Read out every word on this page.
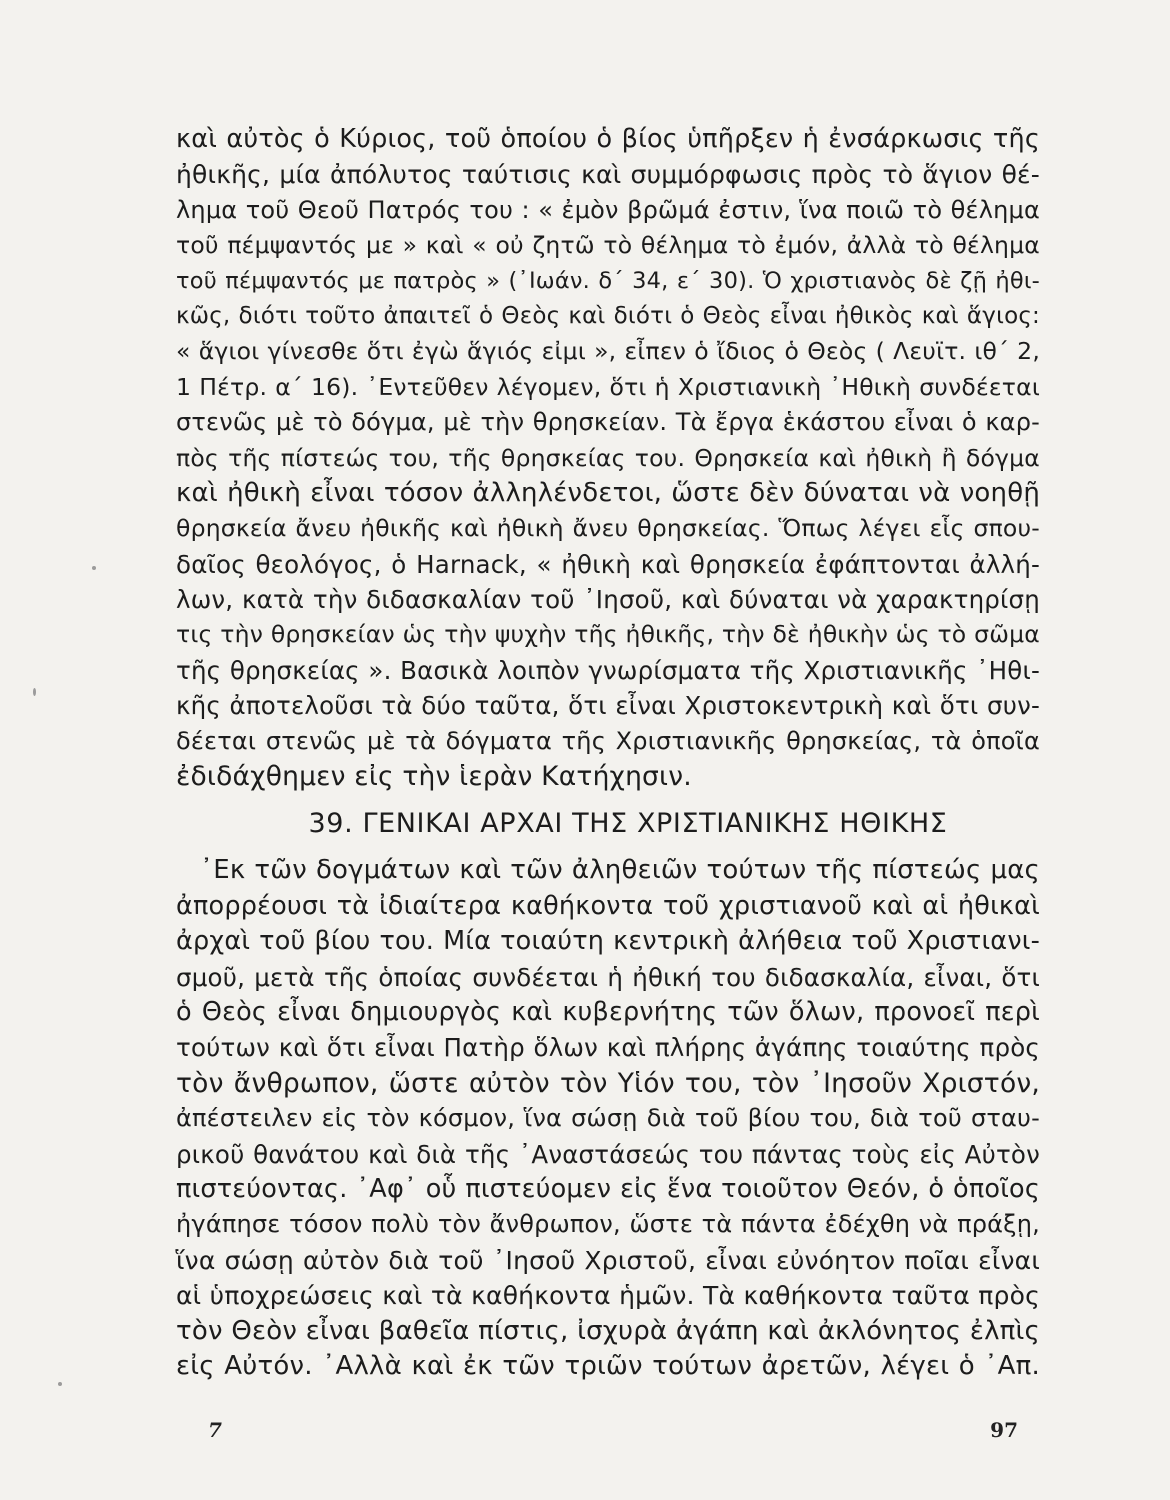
καὶ αὐτὸς ὁ Κύριος, τοῦ ὁποίου ὁ βίος ὑπῆρξεν ἡ ἐνσάρκωσις τῆς
ἠθικῆς, μία ἀπόλυτος ταύτισις καὶ συμμόρφωσις πρὸς τὸ ἅγιον θέ-
λημα τοῦ Θεοῦ Πατρός του : « ἐμὸν βρῶμά ἐστιν, ἵνα ποιῶ τὸ θέλημα
τοῦ πέμψαντός με » καὶ « οὐ ζητῶ τὸ θέλημα τὸ ἐμόν, ἀλλὰ τὸ θέλημα
τοῦ πέμψαντός με πατρὸς » (᾿Ιωάν. δ΄ 34, ε΄ 30). Ὁ χριστιανὸς δὲ ζῇ ἠθι-
κῶς, διότι τοῦτο ἀπαιτεῖ ὁ Θεὸς καὶ διότι ὁ Θεὸς εἶναι ἠθικὸς καὶ ἅγιος:
« ἅγιοι γίνεσθε ὅτι ἐγὼ ἅγιός εἰμι », εἶπεν ὁ ἴδιος ὁ Θεὸς ( Λευϊτ. ιθ΄ 2,
1 Πέτρ. α΄ 16). ᾿Εντεῦθεν λέγομεν, ὅτι ἡ Χριστιανικὴ ᾿Ηθικὴ συνδέεται
στενῶς μὲ τὸ δόγμα, μὲ τὴν θρησκείαν. Τὰ ἔργα ἑκάστου εἶναι ὁ καρ-
πὸς τῆς πίστεώς του, τῆς θρησκείας του. Θρησκεία καὶ ἠθικὴ ἢ δόγμα
καὶ ἠθικὴ εἶναι τόσον ἀλληλένδετοι, ὥστε δὲν δύναται νὰ νοηθῇ
θρησκεία ἄνευ ἠθικῆς καὶ ἠθικὴ ἄνευ θρησκείας. Ὅπως λέγει εἷς σπου-
δαῖος θεολόγος, ὁ Harnack, « ἠθικὴ καὶ θρησκεία ἐφάπτονται ἀλλή-
λων, κατὰ τὴν διδασκαλίαν τοῦ ᾿Ιησοῦ, καὶ δύναται νὰ χαρακτηρίσῃ
τις τὴν θρησκείαν ὡς τὴν ψυχὴν τῆς ἠθικῆς, τὴν δὲ ἠθικὴν ὡς τὸ σῶμα
τῆς θρησκείας ». Βασικὰ λοιπὸν γνωρίσματα τῆς Χριστιανικῆς ᾿Ηθι-
κῆς ἀποτελοῦσι τὰ δύο ταῦτα, ὅτι εἶναι Χριστοκεντρικὴ καὶ ὅτι συν-
δέεται στενῶς μὲ τὰ δόγματα τῆς Χριστιανικῆς θρησκείας, τὰ ὁποῖα
ἐδιδάχθημεν εἰς τὴν ἱερὰν Κατήχησιν.
39. ΓΕΝΙΚΑΙ ΑΡΧΑΙ ΤΗΣ ΧΡΙΣΤΙΑΝΙΚΗΣ ΗΘΙΚΗΣ
᾿Εκ τῶν δογμάτων καὶ τῶν ἀληθειῶν τούτων τῆς πίστεώς μας
ἀπορρέουσι τὰ ἰδιαίτερα καθήκοντα τοῦ χριστιανοῦ καὶ αἱ ἠθικαὶ
ἀρχαὶ τοῦ βίου του. Μία τοιαύτη κεντρικὴ ἀλήθεια τοῦ Χριστιανι-
σμοῦ, μετὰ τῆς ὁποίας συνδέεται ἡ ἠθική του διδασκαλία, εἶναι, ὅτι
ὁ Θεὸς εἶναι δημιουργὸς καὶ κυβερνήτης τῶν ὅλων, προνοεῖ περὶ
τούτων καὶ ὅτι εἶναι Πατὴρ ὅλων καὶ πλήρης ἀγάπης τοιαύτης πρὸς
τὸν ἄνθρωπον, ὥστε αὐτὸν τὸν Υἱόν του, τὸν ᾿Ιησοῦν Χριστόν,
ἀπέστειλεν εἰς τὸν κόσμον, ἵνα σώσῃ διὰ τοῦ βίου του, διὰ τοῦ σταυ-
ρικοῦ θανάτου καὶ διὰ τῆς ᾿Αναστάσεώς του πάντας τοὺς εἰς Αὐτὸν
πιστεύοντας. ᾿Αφ᾿ οὗ πιστεύομεν εἰς ἕνα τοιοῦτον Θεόν, ὁ ὁποῖος
ἠγάπησε τόσον πολὺ τὸν ἄνθρωπον, ὥστε τὰ πάντα ἐδέχθη νὰ πράξῃ,
ἵνα σώσῃ αὐτὸν διὰ τοῦ ᾿Ιησοῦ Χριστοῦ, εἶναι εὐνόητον ποῖαι εἶναι
αἱ ὑποχρεώσεις καὶ τὰ καθήκοντα ἡμῶν. Τὰ καθήκοντα ταῦτα πρὸς
τὸν Θεὸν εἶναι βαθεῖα πίστις, ἰσχυρὰ ἀγάπη καὶ ἀκλόνητος ἐλπὶς
εἰς Αὐτόν. ᾿Αλλὰ καὶ ἐκ τῶν τριῶν τούτων ἀρετῶν, λέγει ὁ ᾿Απ.
7	97
